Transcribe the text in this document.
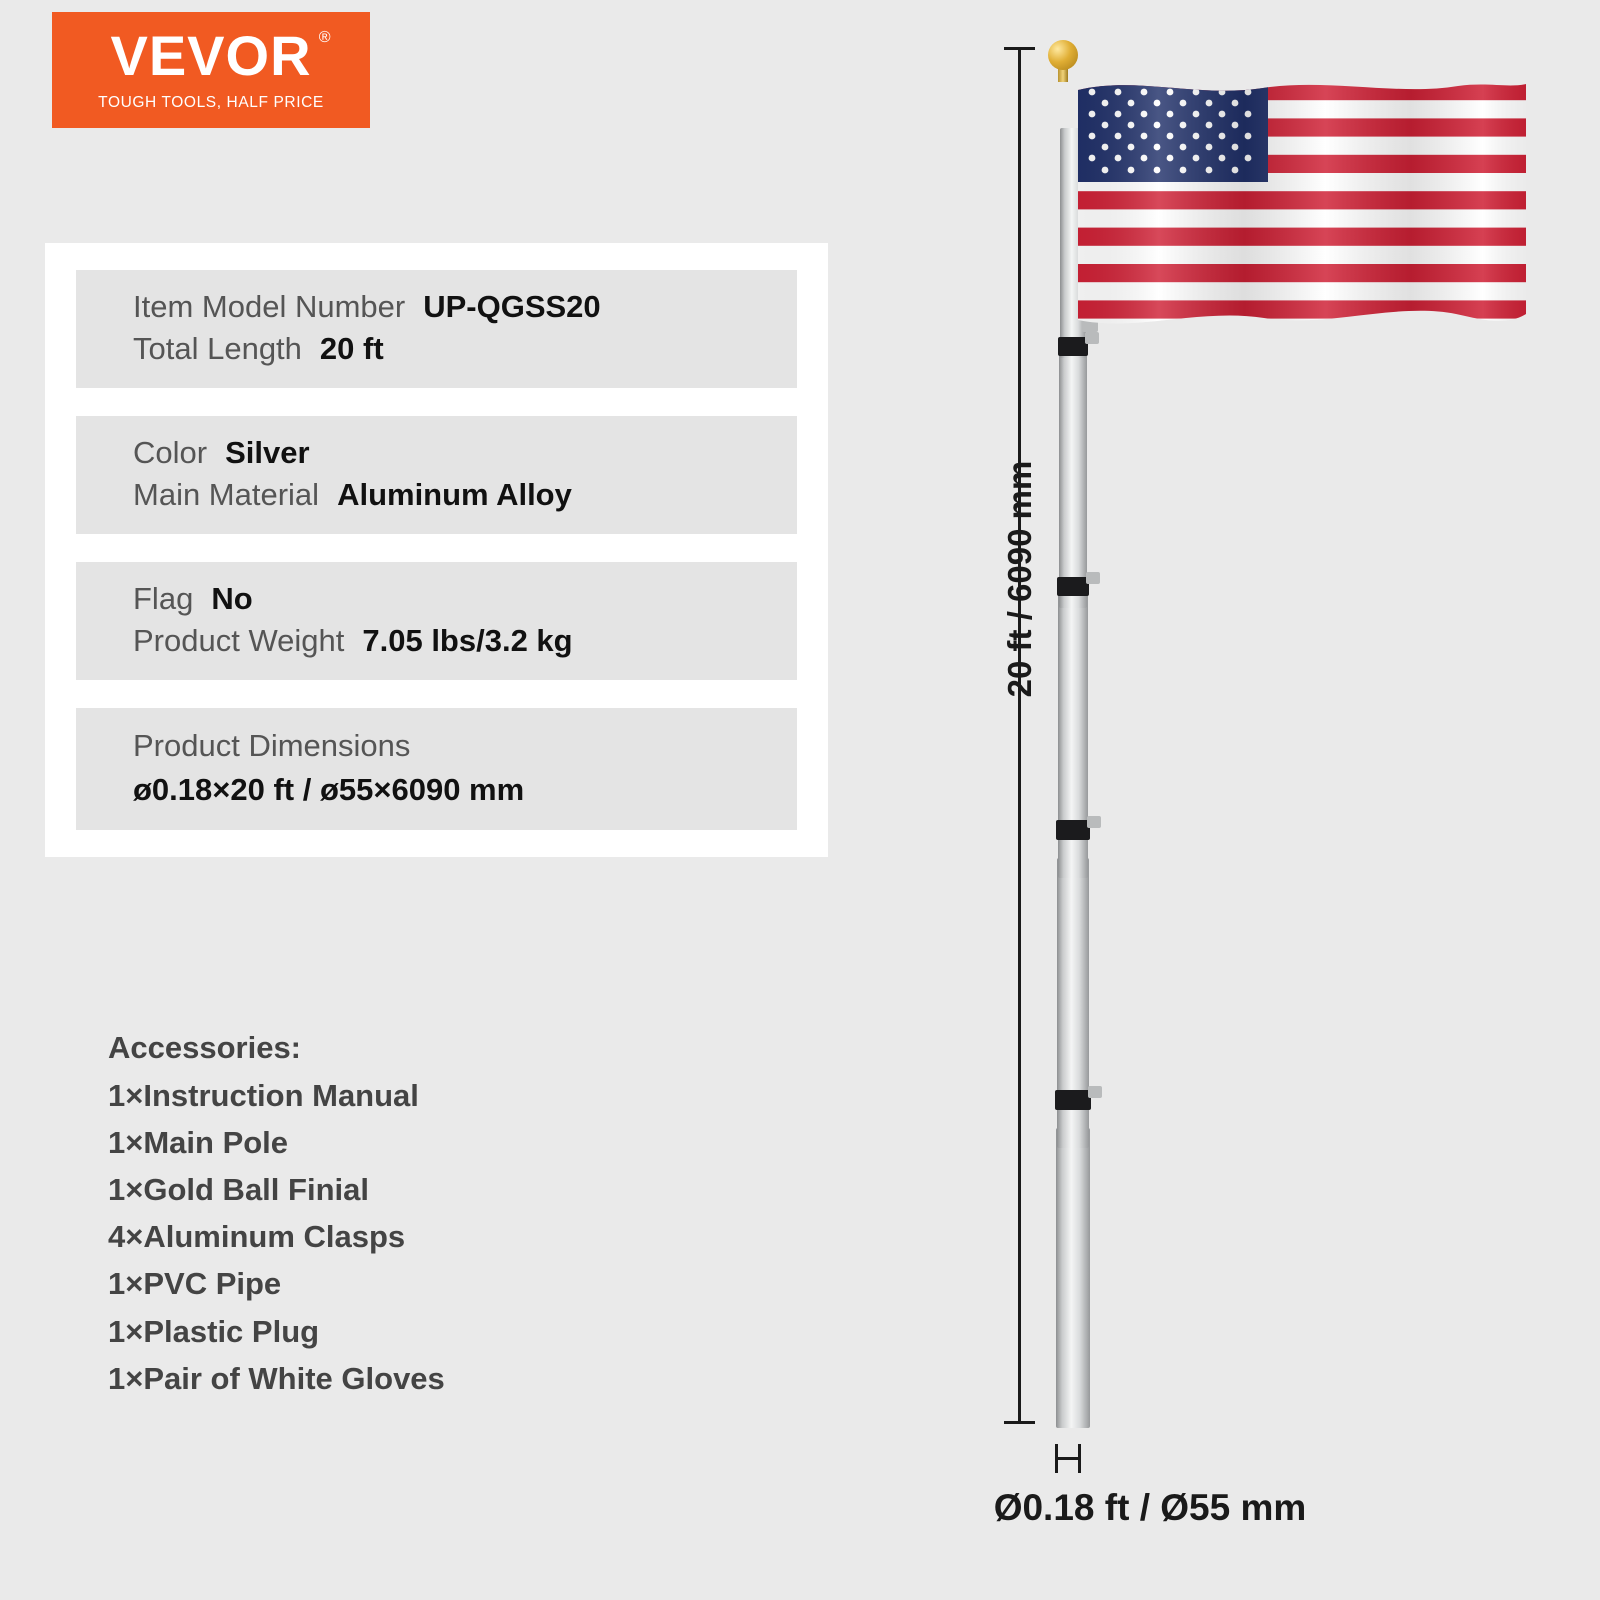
VEVOR ®
TOUGH TOOLS, HALF PRICE
Item Model Number UP-QGSS20
Total Length 20 ft
Color Silver
Main Material Aluminum Alloy
Flag No
Product Weight 7.05 lbs/3.2 kg
Product Dimensions
ø0.18×20 ft / ø55×6090 mm
Accessories:
1×Instruction Manual
1×Main Pole
1×Gold Ball Finial
4×Aluminum Clasps
1×PVC Pipe
1×Plastic Plug
1×Pair of White Gloves
20 ft / 6090 mm
Ø0.18 ft / Ø55 mm
